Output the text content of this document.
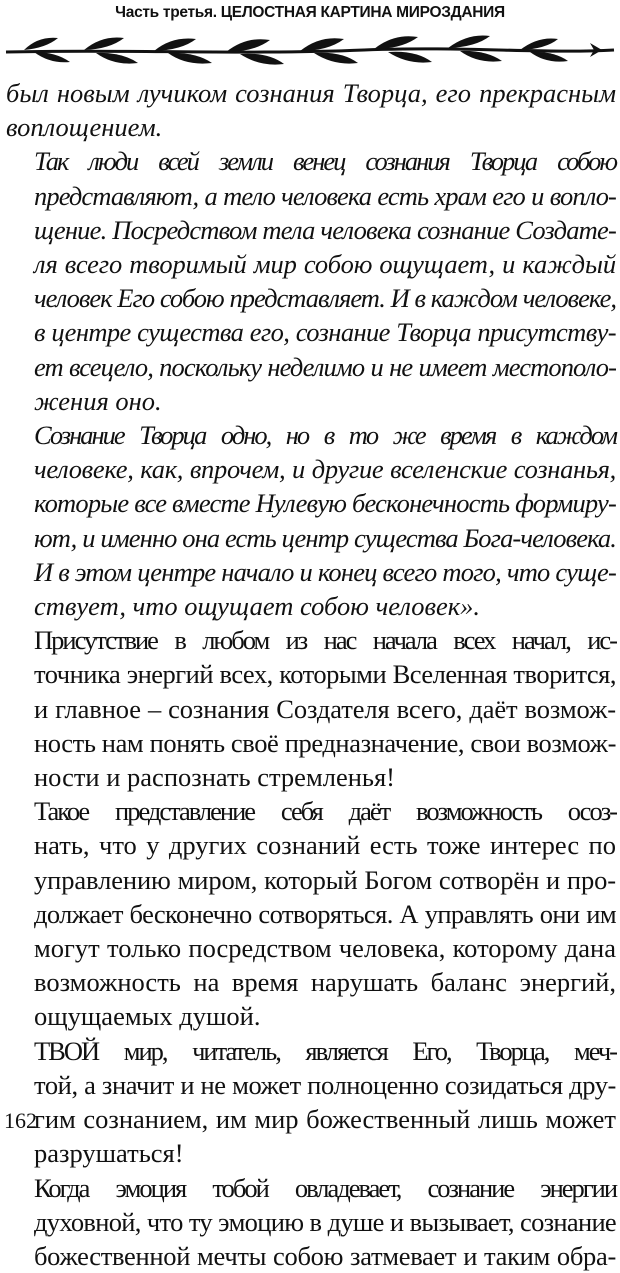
Часть третья. ЦЕЛОСТНАЯ КАРТИНА МИРОЗДАНИЯ

был новым лучиком сознания Творца, его прекрасным
воплощением.

Так люди всей земли венец сознания Творца собою
представляют, а тело человека есть храм его и вопло-
щение. Посредством тела человека сознание Создате-
ля всего творимый мир собою ощущает, и каждый
человек Его собою представляет. И в каждом человеке,
в центре существа его, сознание Творца присутству-
ет всецело, поскольку неделимо и не имеет местополо-
жения оно.

Сознание Творца одно, но в то же время в каждом
человеке, как, впрочем, и другие вселенские сознанья,
которые все вместе Нулевую бесконечность формиру-
ют, и именно она есть центр существа Бога-человека.
И в этом центре начало и конец всего того, что суще-
ствует, что ощущает собою человек».

Присутствие в любом из нас начала всех начал, ис-
точника энергий всех, которыми Вселенная творится,
и главное – сознания Создателя всего, даёт возмож-
ность нам понять своё предназначение, свои возмож-
ности и распознать стремленья!

Такое представление себя даёт возможность осоз-
нать, что у других сознаний есть тоже интерес по
управлению миром, который Богом сотворён и про-
должает бесконечно сотворяться. А управлять они им
могут только посредством человека, которому дана
возможность на время нарушать баланс энергий,
ощущаемых душой.

ТВОЙ мир, читатель, является Его, Творца, меч-
той, а значит и не может полноценно созидаться дру-
гим сознанием, им мир божественный лишь может
разрушаться!

Когда эмоция тобой овладевает, сознание энергии
духовной, что ту эмоцию в душе и вызывает, сознание
божественной мечты собою затмевает и таким обра-

162
